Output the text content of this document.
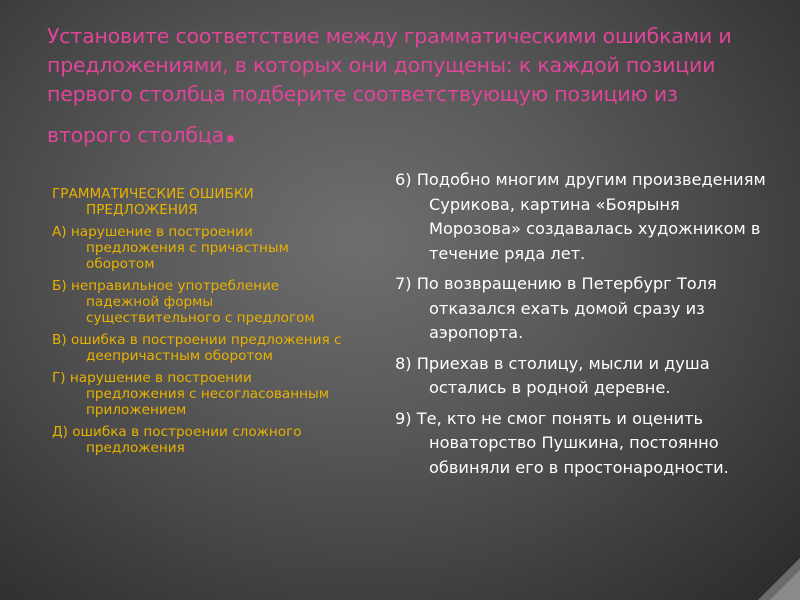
Установите соответствие между грамматическими ошибками и предложениями, в которых они допущены: к каждой позиции первого столбца подберите соответствующую позицию из
второго столбца.
ГРАММАТИЧЕСКИЕ ОШИБКИ
ПРЕДЛОЖЕНИЯ
А) нарушение в построении предложения с причастным оборотом
Б) неправильное употребление падежной формы существительного с предлогом
В) ошибка в построении предложения с деепричастным оборотом
Г) нарушение в построении предложения с несогласованным приложением
Д) ошибка в построении сложного предложения
6) Подобно многим другим произведениям Сурикова, картина «Боярыня Морозова» создавалась художником в течение ряда лет.
7) По возвращению в Петербург Толя отказался ехать домой сразу из аэропорта.
8) Приехав в столицу, мысли и душа остались в родной деревне.
9) Те, кто не смог понять и оценить новаторство Пушкина, постоянно обвиняли его в простонародности.
